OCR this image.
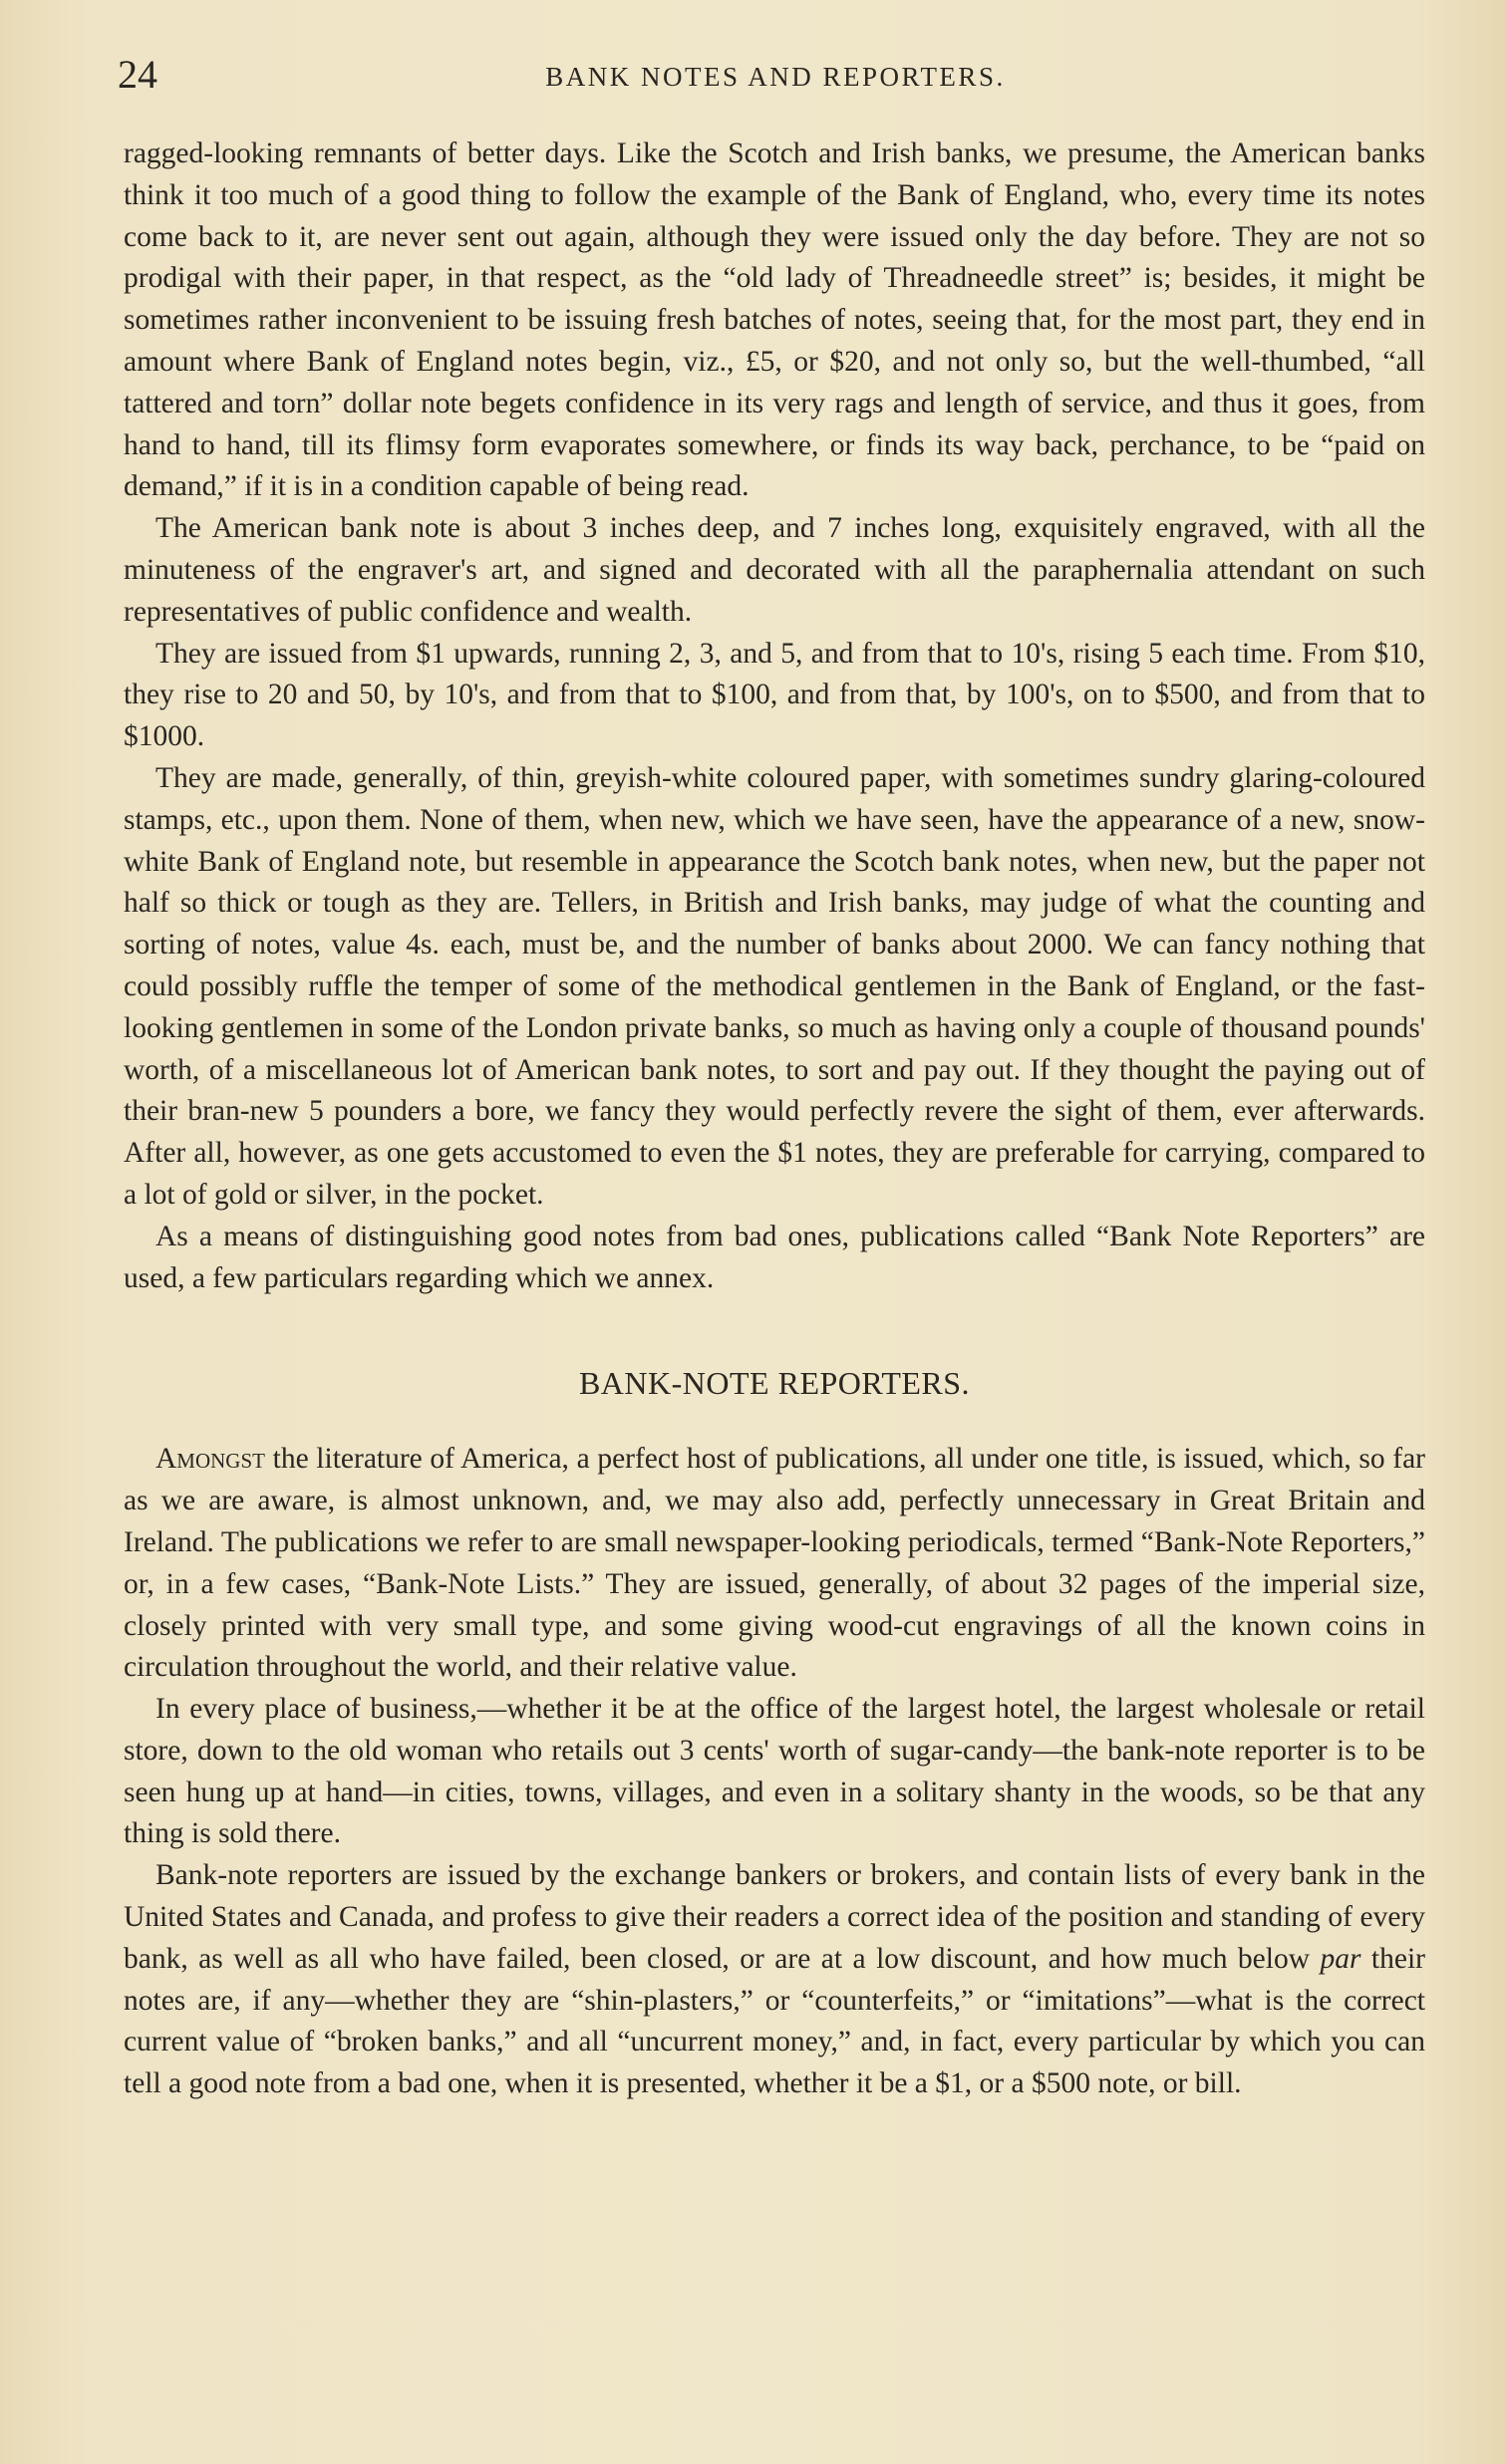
24	BANK NOTES AND REPORTERS.

ragged-looking remnants of better days. Like the Scotch and Irish banks, we presume, the American banks think it too much of a good thing to follow the example of the Bank of England, who, every time its notes come back to it, are never sent out again, although they were issued only the day before. They are not so prodigal with their paper, in that respect, as the “old lady of Threadneedle street” is; besides, it might be sometimes rather inconvenient to be issuing fresh batches of notes, seeing that, for the most part, they end in amount where Bank of England notes begin, viz., £5, or $20, and not only so, but the well-thumbed, “all tattered and torn” dollar note begets confidence in its very rags and length of service, and thus it goes, from hand to hand, till its flimsy form evaporates somewhere, or finds its way back, perchance, to be “paid on demand,” if it is in a condition capable of being read.

The American bank note is about 3 inches deep, and 7 inches long, exquisitely engraved, with all the minuteness of the engraver's art, and signed and decorated with all the paraphernalia attendant on such representatives of public confidence and wealth.

They are issued from $1 upwards, running 2, 3, and 5, and from that to 10's, rising 5 each time. From $10, they rise to 20 and 50, by 10's, and from that to $100, and from that, by 100's, on to $500, and from that to $1000.

They are made, generally, of thin, greyish-white coloured paper, with sometimes sundry glaring-coloured stamps, etc., upon them. None of them, when new, which we have seen, have the appearance of a new, snow-white Bank of England note, but resemble in appearance the Scotch bank notes, when new, but the paper not half so thick or tough as they are. Tellers, in British and Irish banks, may judge of what the counting and sorting of notes, value 4s. each, must be, and the number of banks about 2000. We can fancy nothing that could possibly ruffle the temper of some of the methodical gentlemen in the Bank of England, or the fast-looking gentlemen in some of the London private banks, so much as having only a couple of thousand pounds' worth, of a miscellaneous lot of American bank notes, to sort and pay out. If they thought the paying out of their bran-new 5 pounders a bore, we fancy they would perfectly revere the sight of them, ever afterwards. After all, however, as one gets accustomed to even the $1 notes, they are preferable for carrying, compared to a lot of gold or silver, in the pocket.

As a means of distinguishing good notes from bad ones, publications called “Bank Note Reporters” are used, a few particulars regarding which we annex.

BANK-NOTE REPORTERS.

Amongst the literature of America, a perfect host of publications, all under one title, is issued, which, so far as we are aware, is almost unknown, and, we may also add, perfectly unnecessary in Great Britain and Ireland. The publications we refer to are small newspaper-looking periodicals, termed “Bank-Note Reporters,” or, in a few cases, “Bank-Note Lists.” They are issued, generally, of about 32 pages of the imperial size, closely printed with very small type, and some giving wood-cut engravings of all the known coins in circulation throughout the world, and their relative value.

In every place of business,—whether it be at the office of the largest hotel, the largest wholesale or retail store, down to the old woman who retails out 3 cents' worth of sugar-candy—the bank-note reporter is to be seen hung up at hand—in cities, towns, villages, and even in a solitary shanty in the woods, so be that any thing is sold there.

Bank-note reporters are issued by the exchange bankers or brokers, and contain lists of every bank in the United States and Canada, and profess to give their readers a correct idea of the position and standing of every bank, as well as all who have failed, been closed, or are at a low discount, and how much below par their notes are, if any—whether they are “shin-plasters,” or “counterfeits,” or “imitations”—what is the correct current value of “broken banks,” and all “uncurrent money,” and, in fact, every particular by which you can tell a good note from a bad one, when it is presented, whether it be a $1, or a $500 note, or bill.
